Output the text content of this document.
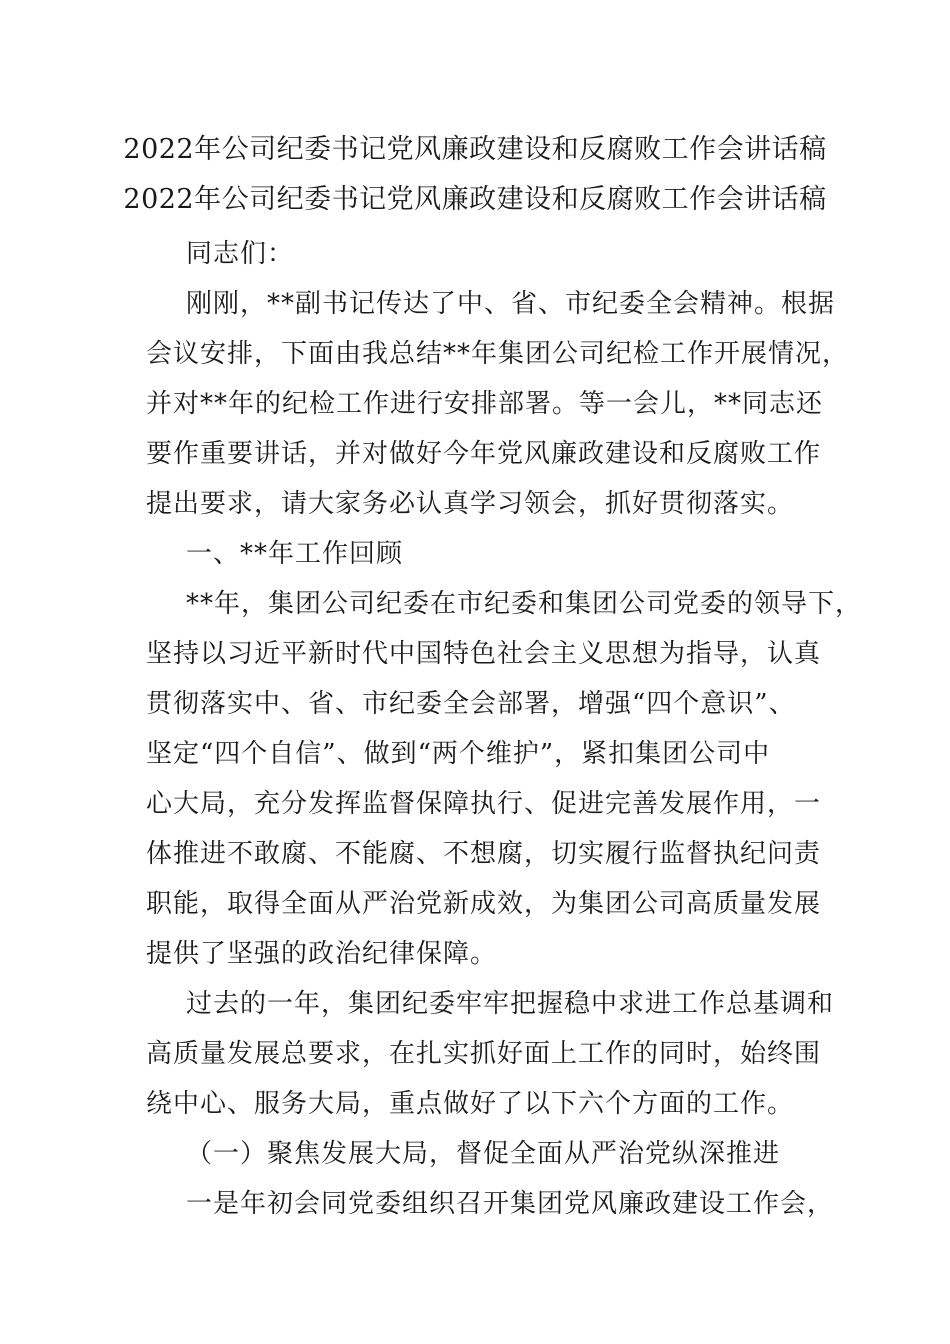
2022年公司纪委书记党风廉政建设和反腐败工作会讲话稿
2022年公司纪委书记党风廉政建设和反腐败工作会讲话稿
同志们：
刚刚，**副书记传达了中、省、市纪委全会精神。根据
会议安排，下面由我总结**年集团公司纪检工作开展情况，
并对**年的纪检工作进行安排部署。等一会儿，**同志还
要作重要讲话，并对做好今年党风廉政建设和反腐败工作
提出要求，请大家务必认真学习领会，抓好贯彻落实。
一、**年工作回顾
**年，集团公司纪委在市纪委和集团公司党委的领导下，
坚持以习近平新时代中国特色社会主义思想为指导，认真
贯彻落实中、省、市纪委全会部署，增强“四个意识”、
坚定“四个自信”、做到“两个维护”，紧扣集团公司中
心大局，充分发挥监督保障执行、促进完善发展作用，一
体推进不敢腐、不能腐、不想腐，切实履行监督执纪问责
职能，取得全面从严治党新成效，为集团公司高质量发展
提供了坚强的政治纪律保障。
过去的一年，集团纪委牢牢把握稳中求进工作总基调和
高质量发展总要求，在扎实抓好面上工作的同时，始终围
绕中心、服务大局，重点做好了以下六个方面的工作。
（一）聚焦发展大局，督促全面从严治党纵深推进
一是年初会同党委组织召开集团党风廉政建设工作会，
